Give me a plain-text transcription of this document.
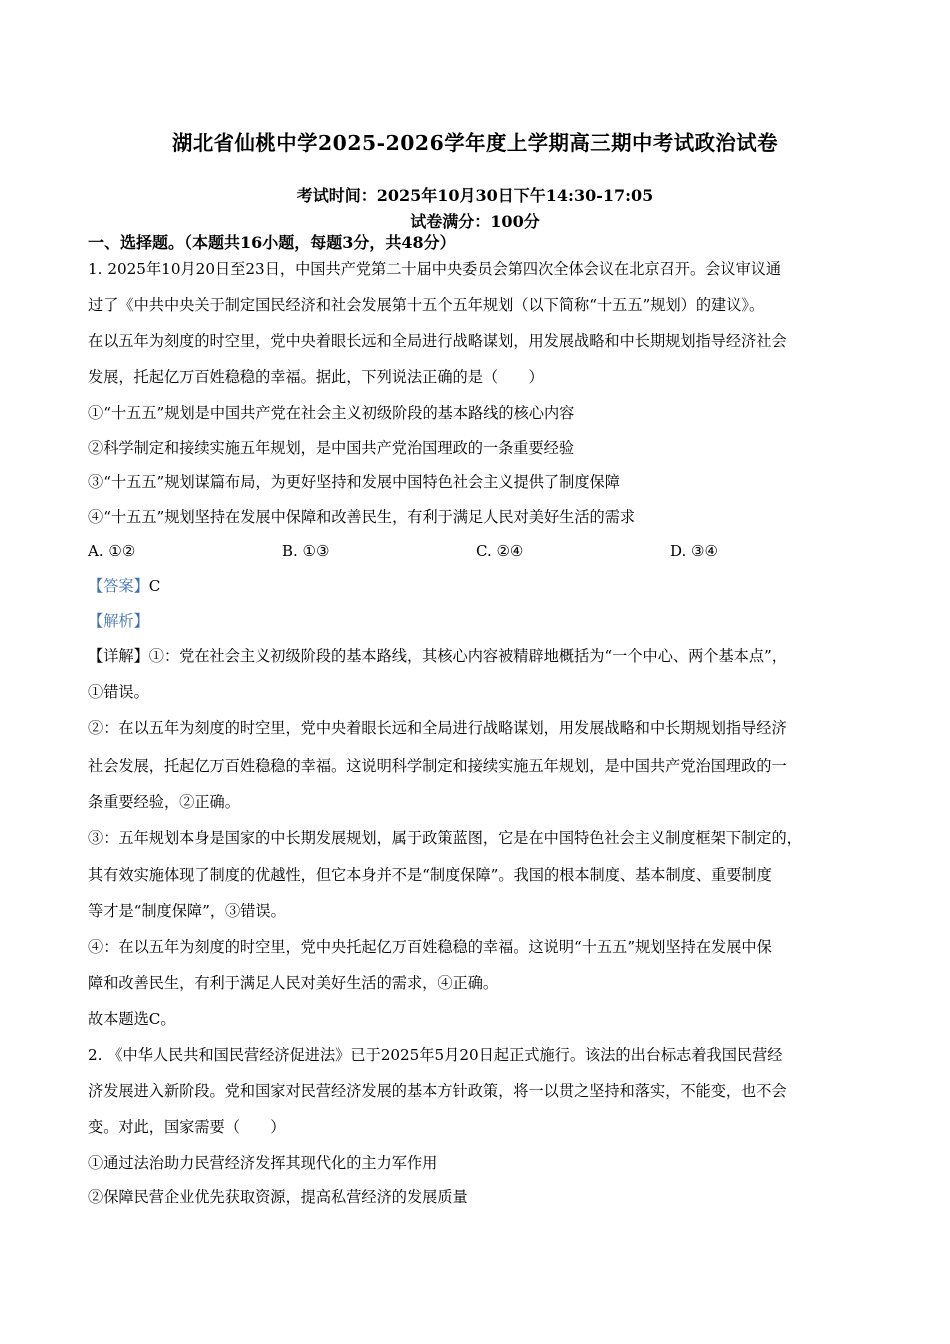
湖北省仙桃中学2025-2026学年度上学期高三期中考试政治试卷
考试时间：2025年10月30日下午14:30-17:05
试卷满分：100分
一、选择题。（本题共16小题，每题3分，共48分）
1. 2025年10月20日至23日，中国共产党第二十届中央委员会第四次全体会议在北京召开。会议审议通
过了《中共中央关于制定国民经济和社会发展第十五个五年规划（以下简称“十五五”规划）的建议》。
在以五年为刻度的时空里，党中央着眼长远和全局进行战略谋划，用发展战略和中长期规划指导经济社会
发展，托起亿万百姓稳稳的幸福。据此，下列说法正确的是（　　）
①“十五五”规划是中国共产党在社会主义初级阶段的基本路线的核心内容
②科学制定和接续实施五年规划，是中国共产党治国理政的一条重要经验
③“十五五”规划谋篇布局，为更好坚持和发展中国特色社会主义提供了制度保障
④“十五五”规划坚持在发展中保障和改善民生，有利于满足人民对美好生活的需求
A. ①②	B. ①③	C. ②④	D. ③④
【答案】C
【解析】
【详解】①：党在社会主义初级阶段的基本路线，其核心内容被精辟地概括为“一个中心、两个基本点”，
①错误。
②：在以五年为刻度的时空里，党中央着眼长远和全局进行战略谋划，用发展战略和中长期规划指导经济
社会发展，托起亿万百姓稳稳的幸福。这说明科学制定和接续实施五年规划，是中国共产党治国理政的一
条重要经验，②正确。
③：五年规划本身是国家的中长期发展规划，属于政策蓝图，它是在中国特色社会主义制度框架下制定的，
其有效实施体现了制度的优越性，但它本身并不是“制度保障”。我国的根本制度、基本制度、重要制度
等才是“制度保障”，③错误。
④：在以五年为刻度的时空里，党中央托起亿万百姓稳稳的幸福。这说明“十五五”规划坚持在发展中保
障和改善民生，有利于满足人民对美好生活的需求，④正确。
故本题选C。
2. 《中华人民共和国民营经济促进法》已于2025年5月20日起正式施行。该法的出台标志着我国民营经
济发展进入新阶段。党和国家对民营经济发展的基本方针政策，将一以贯之坚持和落实，不能变，也不会
变。对此，国家需要（　　）
①通过法治助力民营经济发挥其现代化的主力军作用
②保障民营企业优先获取资源，提高私营经济的发展质量
